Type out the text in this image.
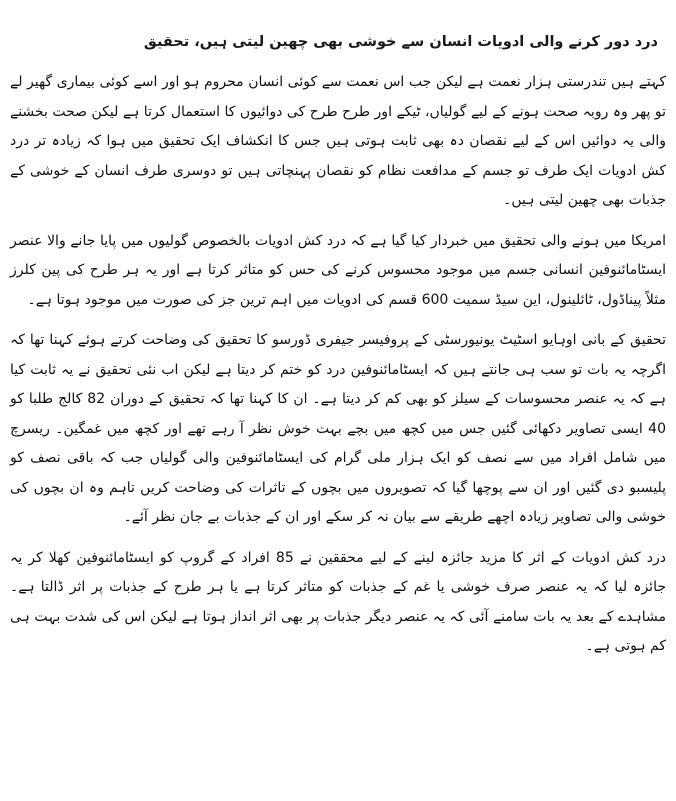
درد دور کرنے والی ادویات انسان سے خوشی بھی چھین لیتی ہیں، تحقیق

کہتے ہیں تندرستی ہزار نعمت ہے لیکن جب اس نعمت سے کوئی انسان محروم ہو اور اسے کوئی بیماری گھیر لے تو پھر وہ روبہ صحت ہونے کے لیے گولیاں، ٹیکے اور طرح طرح کی دوائیوں کا استعمال کرتا ہے لیکن صحت بخشنے والی یہ دوائیں اس کے لیے نقصان دہ بھی ثابت ہوتی ہیں جس کا انکشاف ایک تحقیق میں ہوا کہ زیادہ تر درد کش ادویات ایک طرف تو جسم کے مدافعت نظام کو نقصان پہنچاتی ہیں تو دوسری طرف انسان کے خوشی کے جذبات بھی چھین لیتی ہیں۔

امریکا میں ہونے والی تحقیق میں خبردار کیا گیا ہے کہ درد کش ادویات بالخصوص گولیوں میں پایا جانے والا عنصر ایسٹامائنوفین انسانی جسم میں موجود محسوس کرنے کی حس کو متاثر کرتا ہے اور یہ ہر طرح کی پین کلرز مثلاً پیناڈول، ٹائلینول، این سیڈ سمیت 600 قسم کی ادویات میں اہم ترین جز کی صورت میں موجود ہوتا ہے۔

تحقیق کے بانی اوہایو اسٹیٹ یونیورسٹی کے پروفیسر جیفری ڈورسو کا تحقیق کی وضاحت کرتے ہوئے کہنا تھا کہ اگرچہ یہ بات تو سب ہی جانتے ہیں کہ ایسٹامائنوفین درد کو ختم کر دیتا ہے لیکن اب نئی تحقیق نے یہ ثابت کیا ہے کہ یہ عنصر محسوسات کے سیلز کو بھی کم کر دیتا ہے۔ ان کا کہنا تھا کہ تحقیق کے دوران 82 کالج طلبا کو 40 ایسی تصاویر دکھائی گئیں جس میں کچھ میں بچے بہت خوش نظر آ رہے تھے اور کچھ میں غمگین۔ ریسرچ میں شامل افراد میں سے نصف کو ایک ہزار ملی گرام کی ایسٹامائنوفین والی گولیاں جب کہ باقی نصف کو پلیسبو دی گئیں اور ان سے پوچھا گیا کہ تصویروں میں بچوں کے تاثرات کی وضاحت کریں تاہم وہ ان بچوں کی خوشی والی تصاویر زیادہ اچھے طریقے سے بیان نہ کر سکے اور ان کے جذبات بے جان نظر آئے۔

درد کش ادویات کے اثر کا مزید جائزہ لینے کے لیے محققین نے 85 افراد کے گروپ کو ایسٹامائنوفین کھلا کر یہ جائزہ لیا کہ یہ عنصر صرف خوشی یا غم کے جذبات کو متاثر کرتا ہے یا ہر طرح کے جذبات پر اثر ڈالتا ہے۔ مشاہدے کے بعد یہ بات سامنے آئی کہ یہ عنصر دیگر جذبات پر بھی اثر انداز ہوتا ہے لیکن اس کی شدت بہت ہی کم ہوتی ہے۔
